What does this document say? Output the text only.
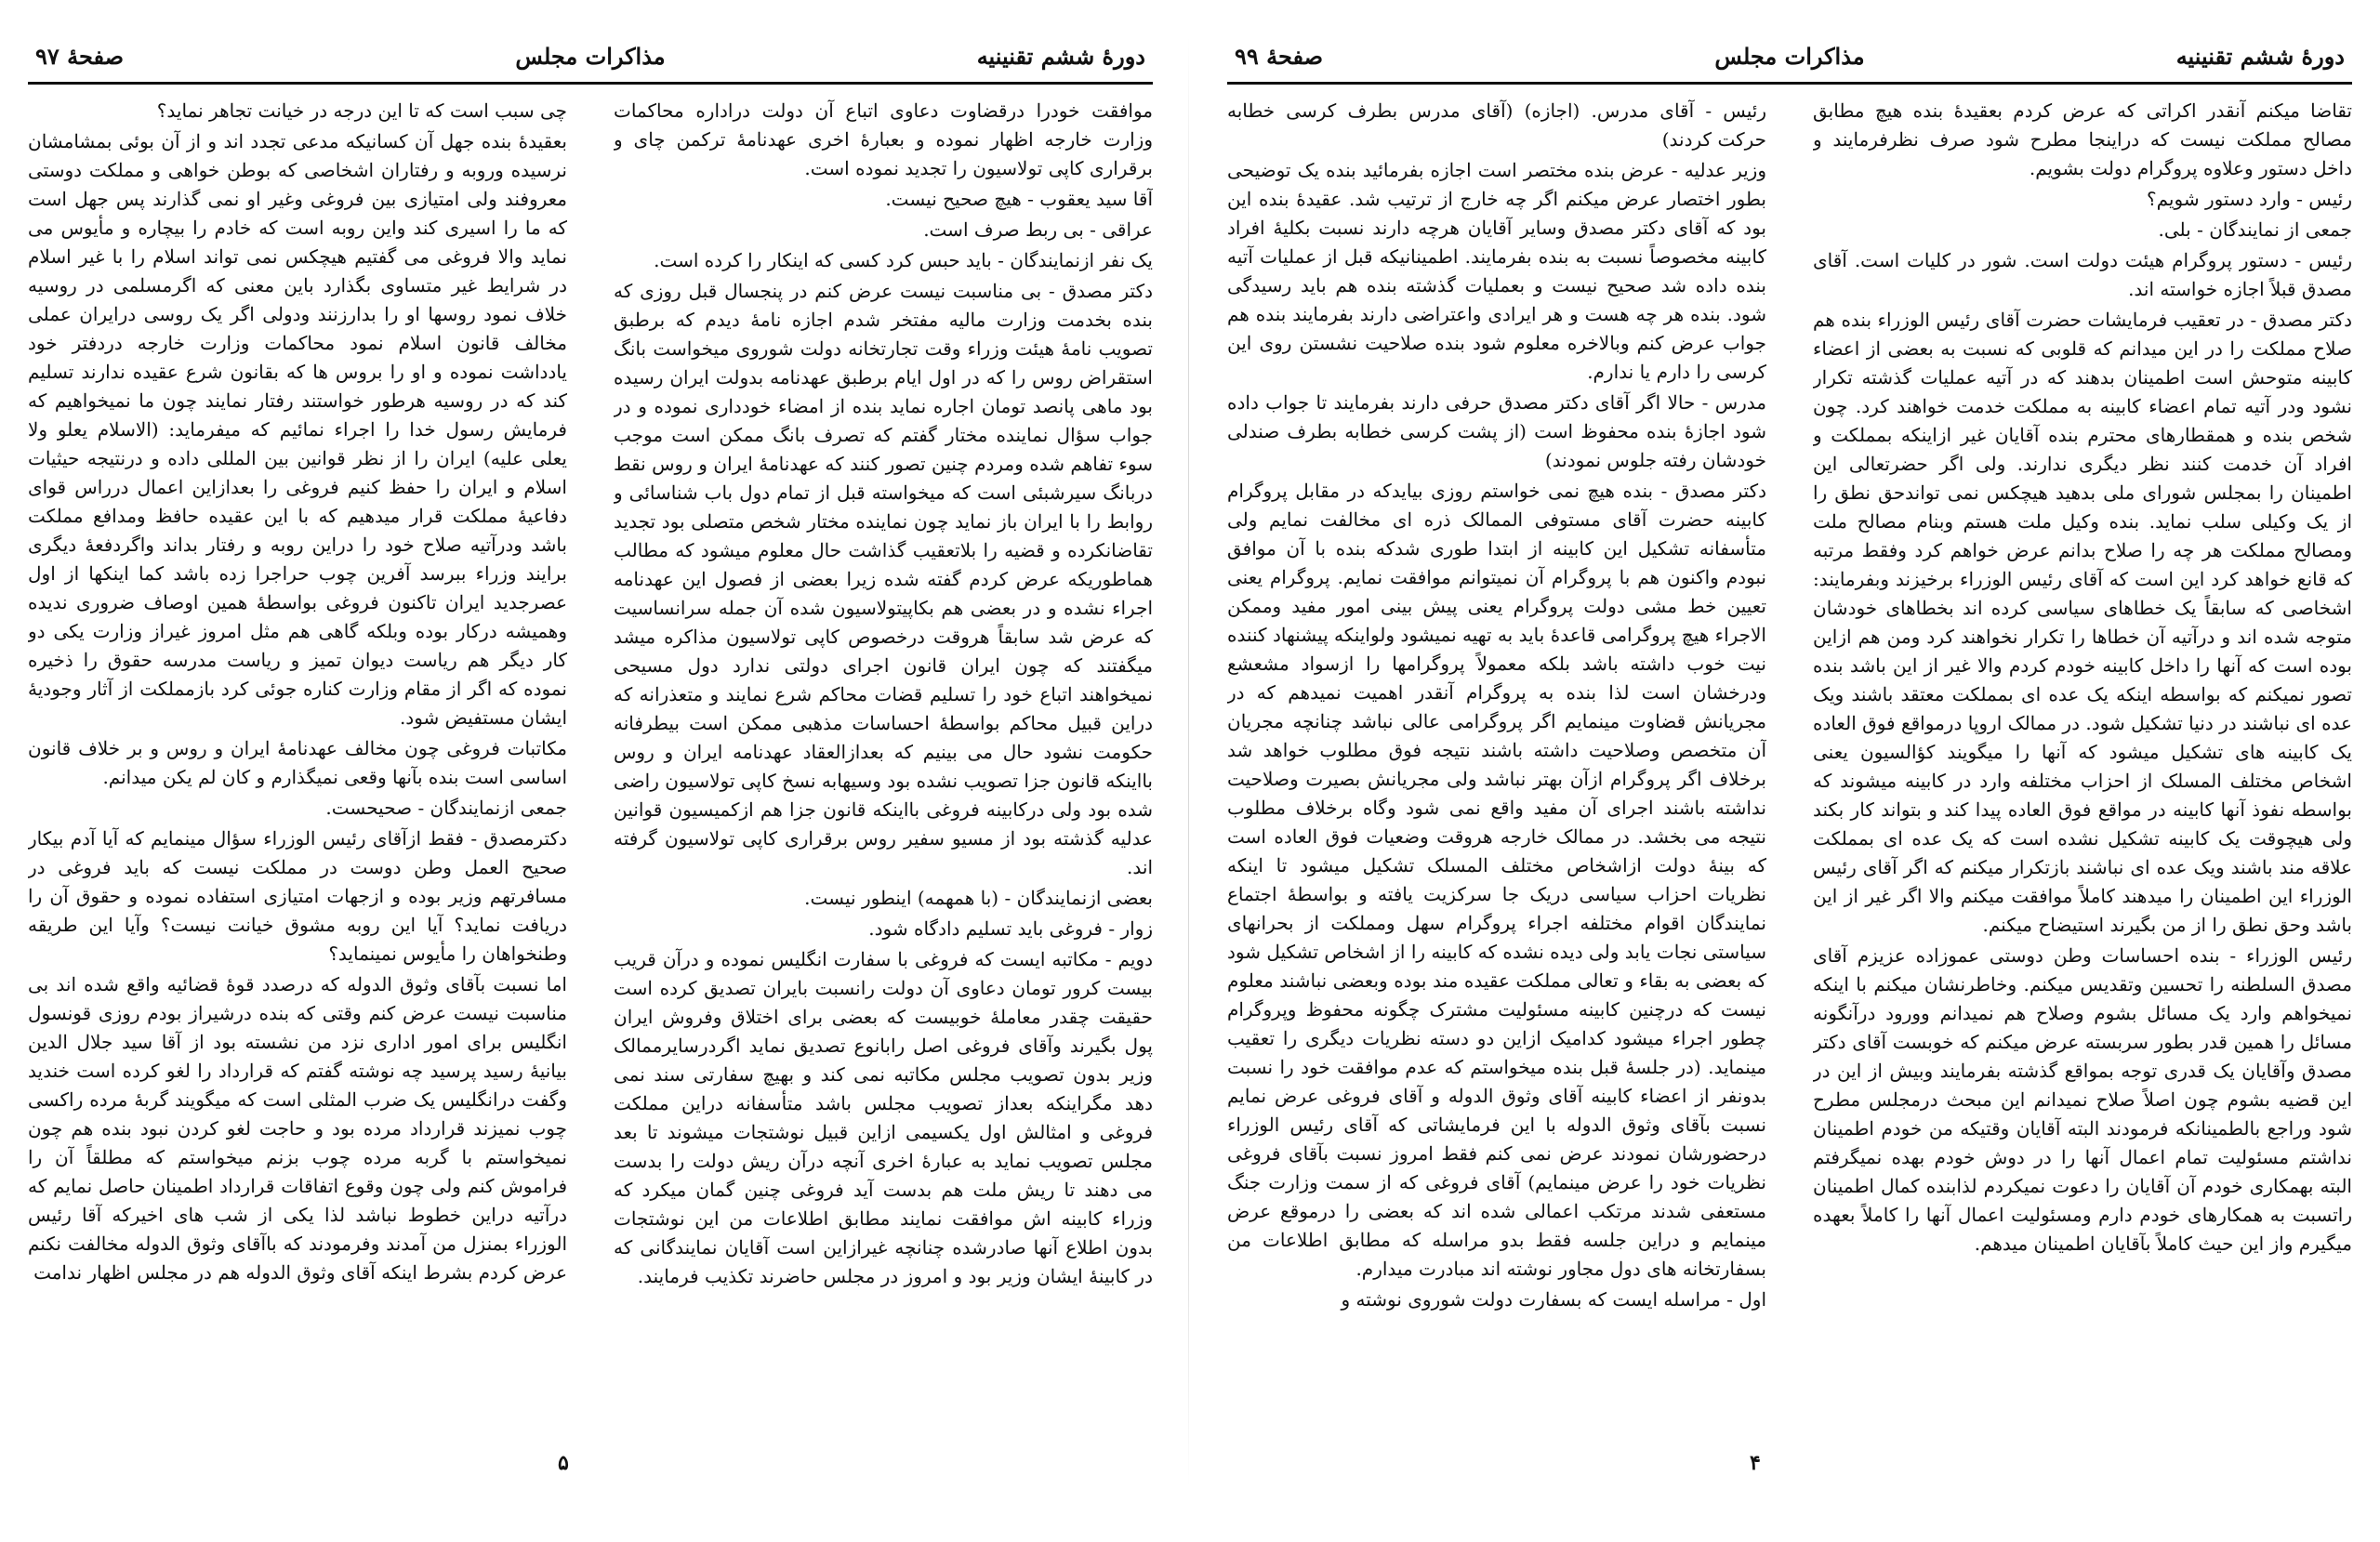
دورهٔ ششم تقنینیه
مذاکرات مجلس
صفحهٔ ۹۷

موافقت خودرا درقضاوت دعاوی اتباع آن دولت دراداره محاکمات وزارت خارجه اظهار نموده و بعبارهٔ اخری عهدنامهٔ ترکمن چای و برقراری کاپی تولاسیون را تجدید نموده است.

آقا سید یعقوب - هیچ صحیح نیست.

عراقی - بی ربط صرف است.

یک نفر ازنمایندگان - باید حبس کرد کسی که اینکار را کرده است.

دکتر مصدق - بی مناسبت نیست عرض کنم در پنجسال قبل روزی که بنده بخدمت وزارت مالیه مفتخر شدم اجازه نامهٔ دیدم که برطبق تصویب نامهٔ هیئت وزراء وقت تجارتخانه دولت شوروی میخواست بانگ استقراض روس را که در اول ایام برطبق عهدنامه بدولت ایران رسیده بود ماهی پانصد تومان اجاره نماید بنده از امضاء خودداری نموده و در جواب سؤال نماینده مختار گفتم که تصرف بانگ ممکن است موجب سوء تفاهم شده ومردم چنین تصور کنند که عهدنامهٔ ایران و روس نقط دربانگ سیرشبئی است که میخواسته قبل از تمام دول باب شناسائی و روابط را با ایران باز نماید چون نماینده مختار شخص متصلی بود تجدید تقاضانکرده و قضیه را بلاتعقیب گذاشت حال معلوم میشود که مطالب هماطوریکه عرض کردم گفته شده زیرا بعضی از فصول این عهدنامه اجراء نشده و در بعضی هم بکاپیتولاسیون شده آن جمله سرانساسیت که عرض شد سابقاً هروقت درخصوص کاپی تولاسیون مذاکره میشد میگفتند که چون ایران قانون اجرای دولتی ندارد دول مسیحی نمیخواهند اتباع خود را تسلیم قضات محاکم شرع نمایند و متعذرانه که دراین قبیل محاکم بواسطهٔ احساسات مذهبی ممکن است بیطرفانه حکومت نشود حال می بینیم که بعدازالعقاد عهدنامه ایران و روس بااینکه قانون جزا تصویب نشده بود وسیهابه نسخ کاپی تولاسیون راضی شده بود ولی درکابینه فروغی بااینکه قانون جزا هم ازکمیسیون قوانین عدلیه گذشته بود از مسیو سفیر روس برقراری کاپی تولاسیون گرفته اند.

بعضی ازنمایندگان - (با همهمه) اینطور نیست.

زوار - فروغی باید تسلیم دادگاه شود.

دویم - مکاتبه ایست که فروغی با سفارت انگلیس نموده و درآن قریب بیست کرور تومان دعاوی آن دولت رانسبت بایران تصدیق کرده است حقیقت چقدر معاملهٔ خوبیست که بعضی برای اختلاق وفروش ایران پول بگیرند وآقای فروغی اصل رابانوع تصدیق نماید اگردرسایرممالک وزیر بدون تصویب مجلس مکاتبه نمی کند و بهیچ سفارتی سند نمی دهد مگراینکه بعداز تصویب مجلس باشد متأسفانه دراین مملکت فروغی و امثالش اول یکسیمی ازاین قبیل نوشتجات میشوند تا بعد مجلس تصویب نماید به عبارهٔ اخری آنچه درآن ریش دولت را بدست می دهند تا ریش ملت هم بدست آید فروغی چنین گمان میکرد که وزراء کابینه اش موافقت نمایند مطابق اطلاعات من این نوشتجات بدون اطلاع آنها صادرشده چنانچه غیرازاین است آقایان نمایندگانی که در کابینهٔ ایشان وزیر بود و امروز در مجلس حاضرند تکذیب فرمایند.

چی سبب است که تا این درجه در خیانت تجاهر نماید؟

بعقیدهٔ بنده جهل آن کسانیکه مدعی تجدد اند و از آن بوئی بمشامشان نرسیده وروبه و رفتاران اشخاصی که بوطن خواهی و مملکت دوستی معروفند ولی امتیازی بین فروغی وغیر او نمی گذارند پس جهل است که ما را اسیری کند واین روبه است که خادم را بیچاره و مأیوس می نماید والا فروغی می گفتیم هیچکس نمی تواند اسلام را با غیر اسلام در شرایط غیر متساوی بگذارد باین معنی که اگرمسلمی در روسیه خلاف نمود روسها او را بدارزنند ودولی اگر یک روسی درایران عملی مخالف قانون اسلام نمود محاکمات وزارت خارجه دردفتر خود یادداشت نموده و او را بروس ها که بقانون شرع عقیده ندارند تسلیم کند که در روسیه هرطور خواستند رفتار نمایند چون ما نمیخواهیم که فرمایش رسول خدا را اجراء نمائیم که میفرماید: (الاسلام یعلو ولا یعلی علیه) ایران را از نظر قوانین بین المللی داده و درنتیجه حیثیات اسلام و ایران را حفظ کنیم فروغی را بعدازاین اعمال درراس قوای دفاعیهٔ مملکت قرار میدهیم که با این عقیده حافظ ومدافع مملکت باشد ودرآتیه صلاح خود را دراین روبه و رفتار بداند واگردفعهٔ دیگری برایند وزراء ببرسد آفرین چوب حراجرا زده باشد کما اینکها از اول عصرجدید ایران تاکنون فروغی بواسطهٔ همین اوصاف ضروری ندیده وهمیشه درکار بوده وبلکه گاهی هم مثل امروز غیراز وزارت یکی دو کار دیگر هم ریاست دیوان تمیز و ریاست مدرسه حقوق را ذخیره نموده که اگر از مقام وزارت کناره جوئی کرد بازمملکت از آثار وجودیهٔ ایشان مستفیض شود.

مکاتبات فروغی چون مخالف عهدنامهٔ ایران و روس و بر خلاف قانون اساسی است بنده بآنها وقعی نمیگذارم و کان لم یکن میدانم.

جمعی ازنمایندگان - صحیحست.

دکترمصدق - فقط ازآقای رئیس الوزراء سؤال مینمایم که آیا آدم بیکار صحیح العمل وطن دوست در مملکت نیست که باید فروغی در مسافرتهم وزیر بوده و ازجهات امتیازی استفاده نموده و حقوق آن را دریافت نماید؟ آیا این روبه مشوق خیانت نیست؟ وآیا این طریقه وطنخواهان را مأیوس نمینماید؟

اما نسبت بآقای وثوق الدوله که درصدد قوهٔ قضائیه واقع شده اند بی مناسبت نیست عرض کنم وقتی که بنده درشیراز بودم روزی قونسول انگلیس برای امور اداری نزد من نشسته بود از آقا سید جلال الدین بیانیهٔ رسید پرسید چه نوشته گفتم که قرارداد را لغو کرده است خندید وگفت درانگلیس یک ضرب المثلی است که میگویند گربهٔ مرده راکسی چوب نمیزند قرارداد مرده بود و حاجت لغو کردن نبود بنده هم چون نمیخواستم با گربه مرده چوب بزنم میخواستم که مطلقاً آن را فراموش کنم ولی چون وقوع اتفاقات قرارداد اطمینان حاصل نمایم که درآتیه دراین خطوط نباشد لذا یکی از شب های اخیرکه آقا رئیس الوزراء بمنزل من آمدند وفرمودند که باآقای وثوق الدوله مخالفت نکنم عرض کردم بشرط اینکه آقای وثوق الدوله هم در مجلس اظهار ندامت

۵
دورهٔ ششم تقنینیه
مذاکرات مجلس
صفحهٔ ۹۹

تقاضا میکنم آنقدر اکراتی که عرض کردم بعقیدهٔ بنده هیچ مطابق مصالح مملکت نیست که دراینجا مطرح شود صرف نظرفرمایند و داخل دستور وعلاوه پروگرام دولت بشویم.

رئیس - وارد دستور شویم؟

جمعی از نمایندگان - بلی.

رئیس - دستور پروگرام هیئت دولت است. شور در کلیات است. آقای مصدق قبلاً اجازه خواسته اند.

دکتر مصدق - در تعقیب فرمایشات حضرت آقای رئیس الوزراء بنده هم صلاح مملکت را در این میدانم که قلوبی که نسبت به بعضی از اعضاء کابینه متوحش است اطمینان بدهند که در آتیه عملیات گذشته تکرار نشود ودر آتیه تمام اعضاء کابینه به مملکت خدمت خواهند کرد. چون شخص بنده و همقطارهای محترم بنده آقایان غیر ازاینکه بمملکت و افراد آن خدمت کنند نظر دیگری ندارند. ولی اگر حضرتعالی این اطمینان را بمجلس شورای ملی بدهید هیچکس نمی تواندحق نطق را از یک وکیلی سلب نماید. بنده وکیل ملت هستم وبنام مصالح ملت ومصالح مملکت هر چه را صلاح بدانم عرض خواهم کرد وفقط مرتبه که قانع خواهد کرد این است که آقای رئیس الوزراء برخیزند وبفرمایند: اشخاصی که سابقاً یک خطاهای سیاسی کرده اند بخطاهای خودشان متوجه شده اند و درآتیه آن خطاها را تکرار نخواهند کرد ومن هم ازاین بوده است که آنها را داخل کابینه خودم کردم والا غیر از این باشد بنده تصور نمیکنم که بواسطه اینکه یک عده ای بمملکت معتقد باشند ویک عده ای نباشند در دنیا تشکیل شود. در ممالک اروپا درمواقع فوق العاده یک کابینه های تشکیل میشود که آنها را میگویند کؤالسیون یعنی اشخاص مختلف المسلک از احزاب مختلفه وارد در کابینه میشوند که بواسطه نفوذ آنها کابینه در مواقع فوق العاده پیدا کند و بتواند کار بکند ولی هیچوقت یک کابینه تشکیل نشده است که یک عده ای بمملکت علاقه مند باشند ویک عده ای نباشند بازتکرار میکنم که اگر آقای رئیس الوزراء این اطمینان را میدهند کاملاً موافقت میکنم والا اگر غیر از این باشد وحق نطق را از من بگیرند استیضاح میکنم.

رئیس الوزراء - بنده احساسات وطن دوستی عموزاده عزیزم آقای مصدق السلطنه را تحسین وتقدیس میکنم. وخاطرنشان میکنم با اینکه نمیخواهم وارد یک مسائل بشوم وصلاح هم نمیدانم وورود درآنگونه مسائل را همین قدر بطور سربسته عرض میکنم که خوبست آقای دکتر مصدق وآقایان یک قدری توجه بمواقع گذشته بفرمایند وبیش از این در این قضیه بشوم چون اصلاً صلاح نمیدانم این مبحث درمجلس مطرح شود وراجع بالطمینانکه فرمودند البته آقایان وقتیکه من خودم اطمینان نداشتم مسئولیت تمام اعمال آنها را در دوش خودم بهده نمیگرفتم البته بهمکاری خودم آن آقایان را دعوت نمیکردم لذابنده کمال اطمینان راتسبت به همکارهای خودم دارم ومسئولیت اعمال آنها را کاملاً بعهده میگیرم واز این حیث کاملاً بآقایان اطمینان میدهم.

رئیس - آقای مدرس. (اجازه) (آقای مدرس بطرف کرسی خطابه حرکت کردند)

وزیر عدلیه - عرض بنده مختصر است اجازه بفرمائید بنده یک توضیحی بطور اختصار عرض میکنم اگر چه خارج از ترتیب شد. عقیدهٔ بنده این بود که آقای دکتر مصدق وسایر آقایان هرچه دارند نسبت بکلیهٔ افراد کابینه مخصوصاً نسبت به بنده بفرمایند. اطمینانیکه قبل از عملیات آتیه بنده داده شد صحیح نیست و بعملیات گذشته بنده هم باید رسیدگی شود. بنده هر چه هست و هر ایرادی واعتراضی دارند بفرمایند بنده هم جواب عرض کنم وبالاخره معلوم شود بنده صلاحیت نشستن روی این کرسی را دارم یا ندارم.

مدرس - حالا اگر آقای دکتر مصدق حرفی دارند بفرمایند تا جواب داده شود اجازهٔ بنده محفوظ است (از پشت کرسی خطابه بطرف صندلی خودشان رفته جلوس نمودند)

دکتر مصدق - بنده هیچ نمی خواستم روزی بیایدکه در مقابل پروگرام کابینه حضرت آقای مستوفی الممالک ذره ای مخالفت نمایم ولی متأسفانه تشکیل این کابینه از ابتدا طوری شدکه بنده با آن موافق نبودم واکنون هم با پروگرام آن نمیتوانم موافقت نمایم. پروگرام یعنی تعیین خط مشی دولت پروگرام یعنی پیش بینی امور مفید وممکن الاجراء هیچ پروگرامی قاعدهٔ باید به تهیه نمیشود ولواینکه پیشنهاد کننده نیت خوب داشته باشد بلکه معمولاً پروگرامها را ازسواد مشعشع ودرخشان است لذا بنده به پروگرام آنقدر اهمیت نمیدهم که در مجریانش قضاوت مینمایم اگر پروگرامی عالی نباشد چنانچه مجریان آن متخصص وصلاحیت داشته باشند نتیجه فوق مطلوب خواهد شد برخلاف اگر پروگرام ازآن بهتر نباشد ولی مجریانش بصیرت وصلاحیت نداشته باشند اجرای آن مفید واقع نمی شود وگاه برخلاف مطلوب نتیجه می بخشد. در ممالک خارجه هروقت وضعیات فوق العاده است که بینهٔ دولت ازاشخاص مختلف المسلک تشکیل میشود تا اینکه نظریات احزاب سیاسی دریک جا سرکزیت یافته و بواسطهٔ اجتماع نمایندگان اقوام مختلفه اجراء پروگرام سهل ومملکت از بحرانهای سیاستی نجات یابد ولی دیده نشده که کابینه را از اشخاص تشکیل شود که بعضی به بقاء و تعالی مملکت عقیده مند بوده وبعضی نباشند معلوم نیست که درچنین کابینه مسئولیت مشترک چگونه محفوظ وپروگرام چطور اجراء میشود کدامیک ازاین دو دسته نظریات دیگری را تعقیب مینماید. (در جلسهٔ قبل بنده میخواستم که عدم موافقت خود را نسبت بدونفر از اعضاء کابینه آقای وثوق الدوله و آقای فروغی عرض نمایم نسبت بآقای وثوق الدوله با این فرمایشاتی که آقای رئیس الوزراء درحضورشان نمودند عرض نمی کنم فقط امروز نسبت بآقای فروغی نظریات خود را عرض مینمایم) آقای فروغی که از سمت وزارت جنگ مستعفی شدند مرتکب اعمالی شده اند که بعضی را درموقع عرض مینمایم و دراین جلسه فقط بدو مراسله که مطابق اطلاعات من بسفارتخانه های دول مجاور نوشته اند مبادرت میدارم.

اول - مراسله ایست که بسفارت دولت شوروی نوشته و

۴
